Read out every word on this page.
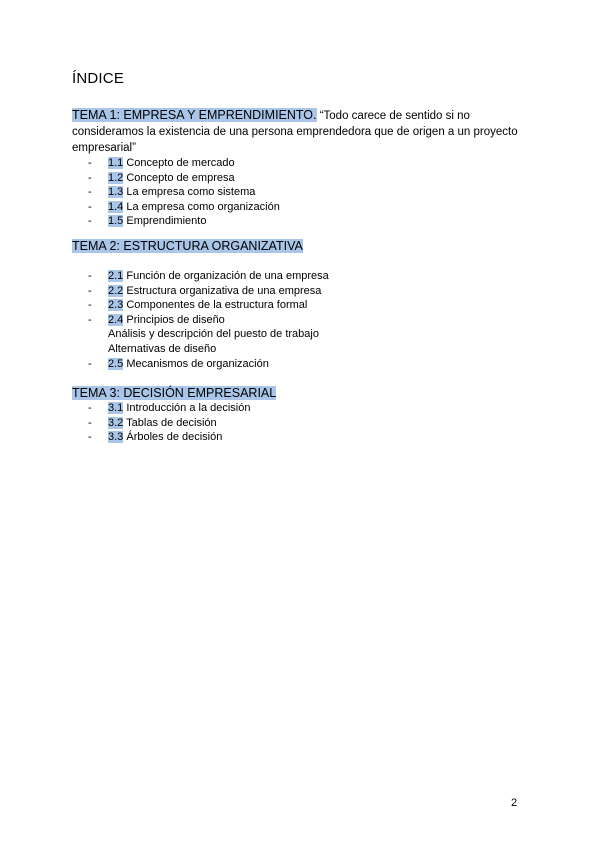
ÍNDICE

TEMA 1: EMPRESA Y EMPRENDIMIENTO. “Todo carece de sentido si no consideramos la existencia de una persona emprendedora que de origen a un proyecto empresarial”

- 1.1 Concepto de mercado
- 1.2 Concepto de empresa
- 1.3 La empresa como sistema
- 1.4 La empresa como organización
- 1.5 Emprendimiento

TEMA 2: ESTRUCTURA ORGANIZATIVA

- 2.1 Función de organización de una empresa
- 2.2 Estructura organizativa de una empresa
- 2.3 Componentes de la estructura formal
- 2.4 Principios de diseño
Análisis y descripción del puesto de trabajo
Alternativas de diseño
- 2.5 Mecanismos de organización

TEMA 3: DECISIÓN EMPRESARIAL

- 3.1 Introducción a la decisión
- 3.2 Tablas de decisión
- 3.3 Árboles de decisión
2
